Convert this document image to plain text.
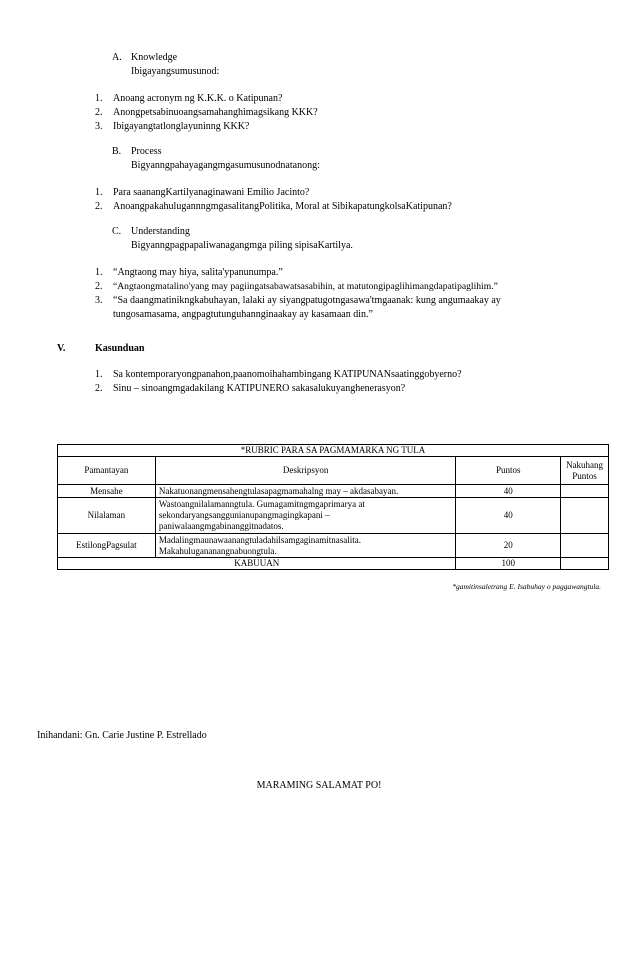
A. Knowledge

Ibigayangsumusunod:

1. Anoang acronym ng K.K.K. o Katipunan?

2. Anongpetsabinuoangsamahanghimagsikang KKK?

3. Ibigayangtatlonglayuninng KKK?

B. Process

Bigyanngpahayagangmgasumusunodnatanong:

1. Para saanangKartilyanaginawani Emilio Jacinto?

2. AnoangpakahulugannngmgasalitangPolitika, Moral at SibikapatungkolsaKatipunan?

C. Understanding

Bigyanngpagpapaliwanagangmga piling sipisaKartilya.

1. “Angtaong may hiya, salita'ypanunumpa.”

2. “Angtaongmatalino'yang may pagiingatsabawatsasabihin, at matutongipaglihimangdapatipaglihim.”

3. “Sa daangmatinikngkabuhayan, lalaki ay siyangpatugotngasawa'tmgaanak: kung angumaakay ay

tungosamasama, angpagtutunguhannginaakay ay kasamaan din.”

V.	Kasunduan

1. Sa kontemporaryongpanahon,paanomoihahambingang KATIPUNANsaatinggobyerno?

2. Sinu – sinoangmgadakilang KATIPUNERO sakasalukuyanghenerasyon?

*RUBRIC PARA SA PAGMAMARKA NG TULA			
Pamantayan	Deskripsyon	Puntos	NakuhangPuntos
Mensahe	Nakatuonangmensahengtulasapagmamahalng may – akdasabayan.	40	
Nilalaman	Wastoangnilalamanngtula. Gumagamitngmgaprimarya at sekondaryangsanggunianupangmagingkapani – paniwalaangmgabinanggitnadatos.	40	
EstilongPagsulat	Madalingmaunawaanangtuladahilsamgaginamitnasalita. Makahulugananangnabuongtula.	20	
KABUUAN		100	

*gamitinsaletrang E. Isabuhay o paggawangtula.

Inihandani: Gn. Carie Justine P. Estrellado

MARAMING SALAMAT PO!
